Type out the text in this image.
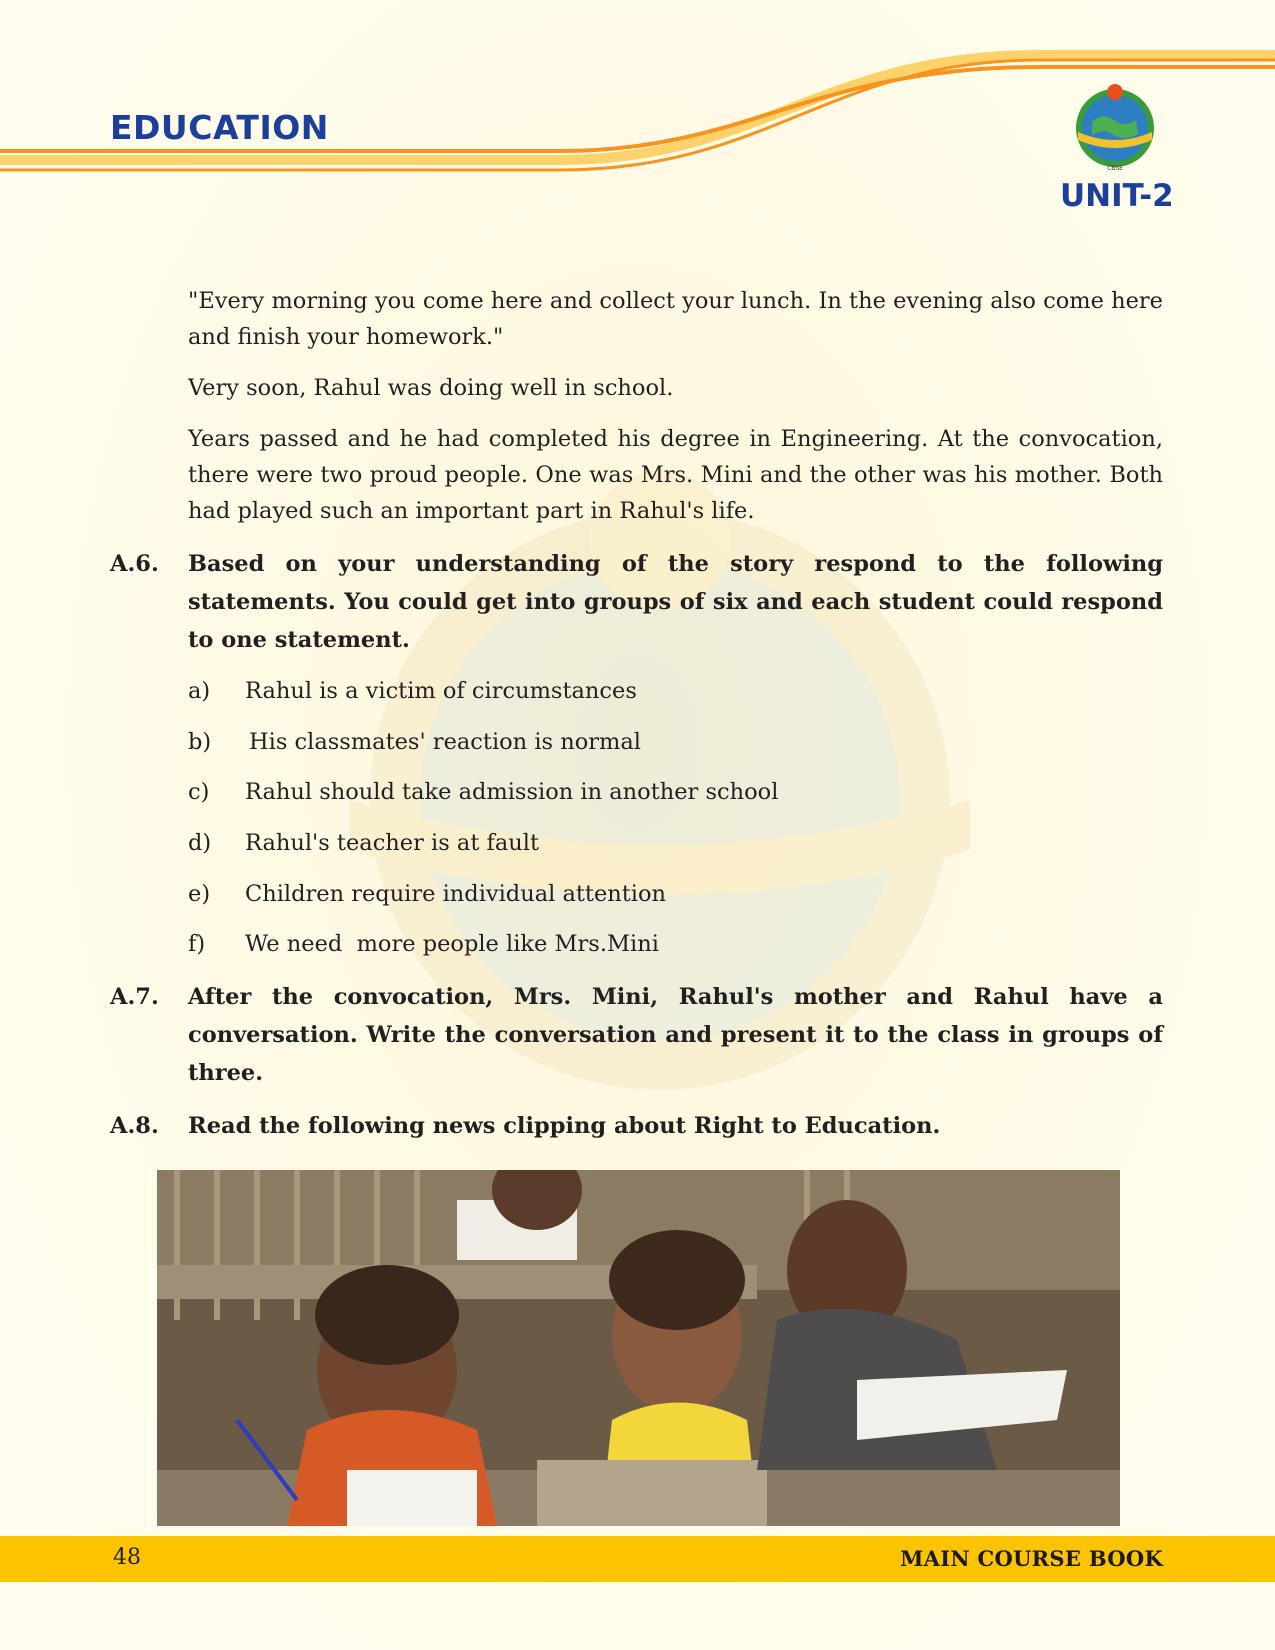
EDUCATION
CBSE
UNIT-2
"Every morning you come here and collect your lunch. In the evening also come here and finish your homework."
Very soon, Rahul was doing well in school.
Years passed and he had completed his degree in Engineering. At the convocation, there were two proud people. One was Mrs. Mini and the other was his mother. Both had played such an important part in Rahul's life.
A.6. Based on your understanding of the story respond to the following statements. You could get into groups of six and each student could respond to one statement.
a) Rahul is a victim of circumstances
b) His classmates' reaction is normal
c) Rahul should take admission in another school
d) Rahul's teacher is at fault
e) Children require individual attention
f) We need  more people like Mrs.Mini
A.7. After the convocation, Mrs. Mini, Rahul's mother and Rahul have a conversation. Write the conversation and present it to the class in groups of three.
A.8. Read the following news clipping about Right to Education.
48	MAIN COURSE BOOK
